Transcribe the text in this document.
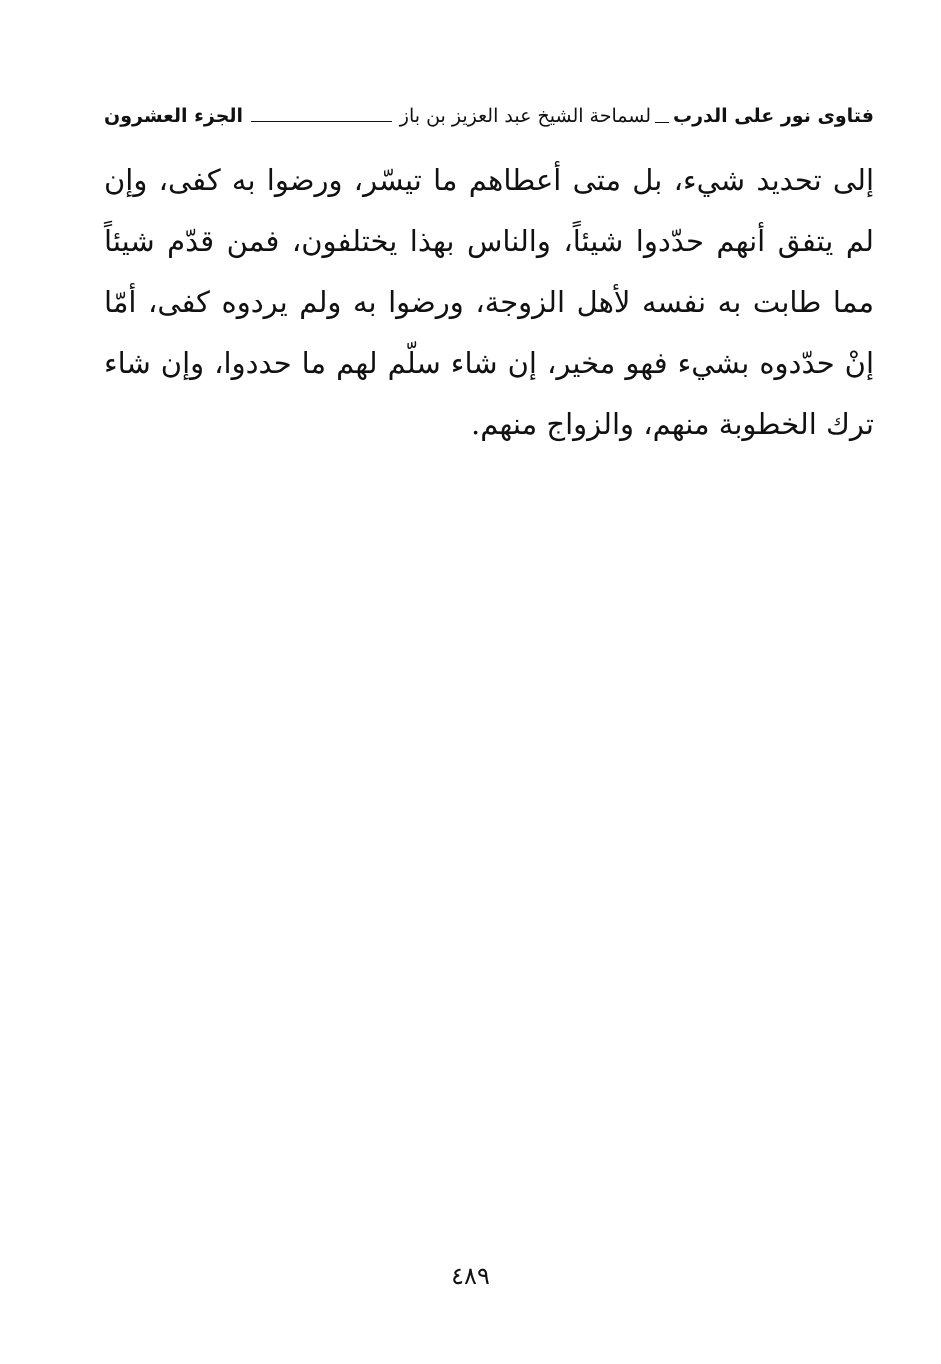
فتاوى نور على الدرب
لسماحة الشيخ عبد العزيز بن باز
الجزء العشرون

إلى تحديد شيء، بل متى أعطاهم ما تيسّر، ورضوا به كفى، وإن لم يتفق أنهم حدّدوا شيئاً، والناس بهذا يختلفون، فمن قدّم شيئاً مما طابت به نفسه لأهل الزوجة، ورضوا به ولم يردوه كفى، أمّا إنْ حدّدوه بشيء فهو مخير، إن شاء سلّم لهم ما حددوا، وإن شاء ترك الخطوبة منهم، والزواج منهم.

٤٨٩
